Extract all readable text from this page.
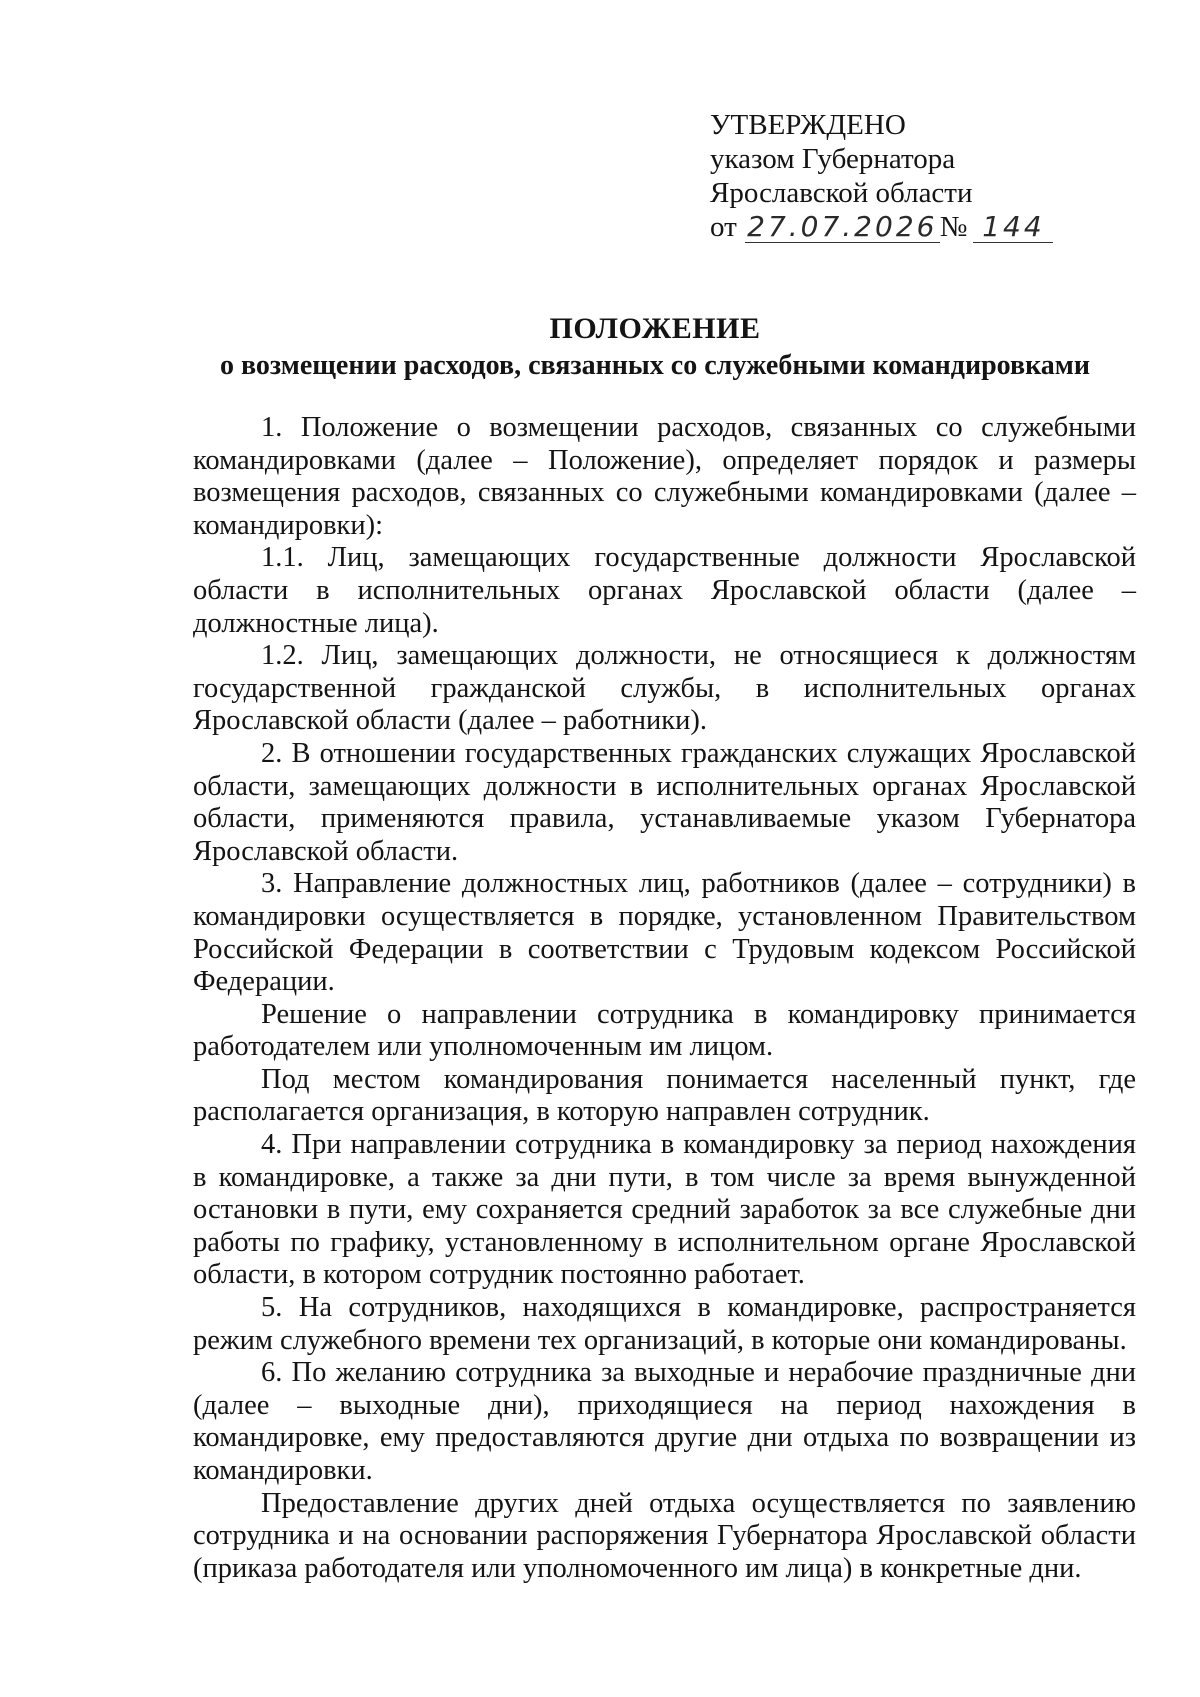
УТВЕРЖДЕНО
указом Губернатора
Ярославской области
от 27.07.2026 № 144
ПОЛОЖЕНИЕ
о возмещении расходов, связанных со служебными командировками

1. Положение о возмещении расходов, связанных со служебными командировками (далее – Положение), определяет порядок и размеры возмещения расходов, связанных со служебными командировками (далее – командировки):

1.1. Лиц, замещающих государственные должности Ярославской области в исполнительных органах Ярославской области (далее – должностные лица).

1.2. Лиц, замещающих должности, не относящиеся к должностям государственной гражданской службы, в исполнительных органах Ярославской области (далее – работники).

2. В отношении государственных гражданских служащих Ярославской области, замещающих должности в исполнительных органах Ярославской области, применяются правила, устанавливаемые указом Губернатора Ярославской области.

3. Направление должностных лиц, работников (далее – сотрудники) в командировки осуществляется в порядке, установленном Правительством Российской Федерации в соответствии с Трудовым кодексом Российской Федерации.

Решение о направлении сотрудника в командировку принимается работодателем или уполномоченным им лицом.

Под местом командирования понимается населенный пункт, где располагается организация, в которую направлен сотрудник.

4. При направлении сотрудника в командировку за период нахождения в командировке, а также за дни пути, в том числе за время вынужденной остановки в пути, ему сохраняется средний заработок за все служебные дни работы по графику, установленному в исполнительном органе Ярославской области, в котором сотрудник постоянно работает.

5. На сотрудников, находящихся в командировке, распространяется режим служебного времени тех организаций, в которые они командированы.

6. По желанию сотрудника за выходные и нерабочие праздничные дни (далее – выходные дни), приходящиеся на период нахождения в командировке, ему предоставляются другие дни отдыха по возвращении из командировки.

Предоставление других дней отдыха осуществляется по заявлению сотрудника и на основании распоряжения Губернатора Ярославской области (приказа работодателя или уполномоченного им лица) в конкретные дни.
